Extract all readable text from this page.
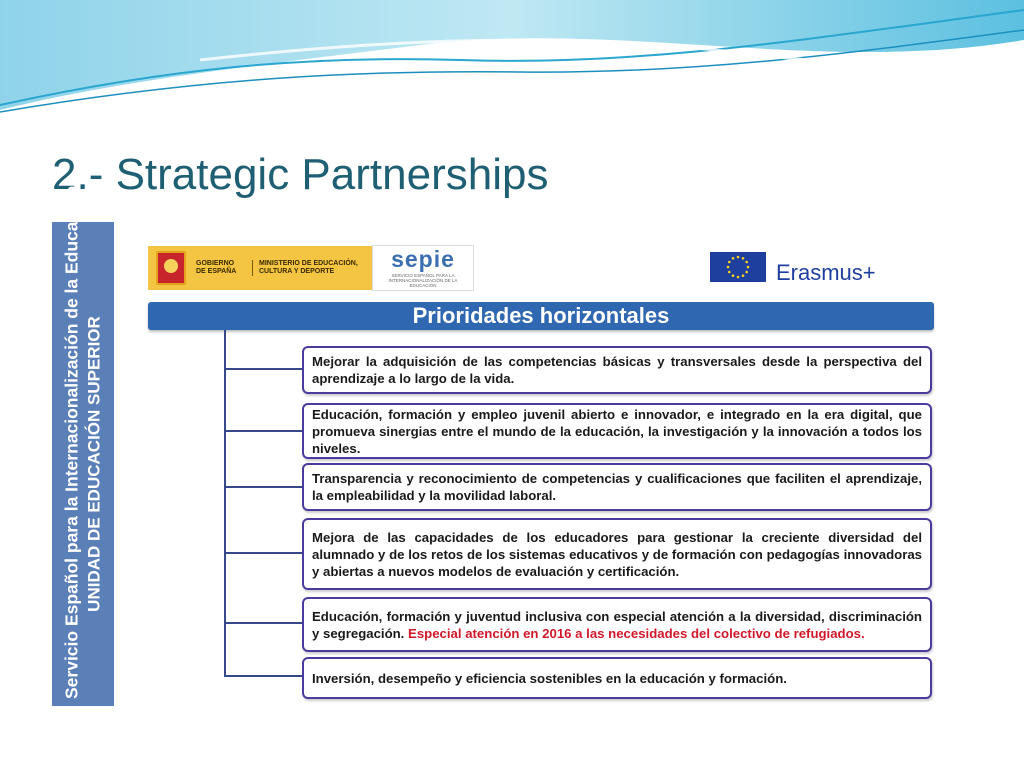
2.- Strategic Partnerships
Servicio Español para la Internacionalización de la Educación UNIDAD DE EDUCACIÓN SUPERIOR
GOBIERNO DE ESPAÑA
MINISTERIO DE EDUCACIÓN, CULTURA Y DEPORTE	sepie
SERVICIO ESPAÑOL PARA LA INTERNACIONALIZACIÓN DE LA EDUCACIÓN
Erasmus+
Prioridades horizontales
Mejorar la adquisición de las competencias básicas y transversales desde la perspectiva del aprendizaje a lo largo de la vida.
Educación, formación y empleo juvenil abierto e innovador, e integrado en la era digital, que promueva sinergias entre el mundo de la educación, la investigación y la innovación a todos los niveles.
Transparencia y reconocimiento de competencias y cualificaciones que faciliten el aprendizaje, la empleabilidad y la movilidad laboral.
Mejora de las capacidades de los educadores para gestionar la creciente diversidad del alumnado y de los retos de los sistemas educativos y de formación con pedagogías innovadoras y abiertas a nuevos modelos de evaluación y certificación.
Educación, formación y juventud inclusiva con especial atención a la diversidad, discriminación y segregación. Especial atención en 2016 a las necesidades del colectivo de refugiados.
Inversión, desempeño y eficiencia sostenibles en la educación y formación.
